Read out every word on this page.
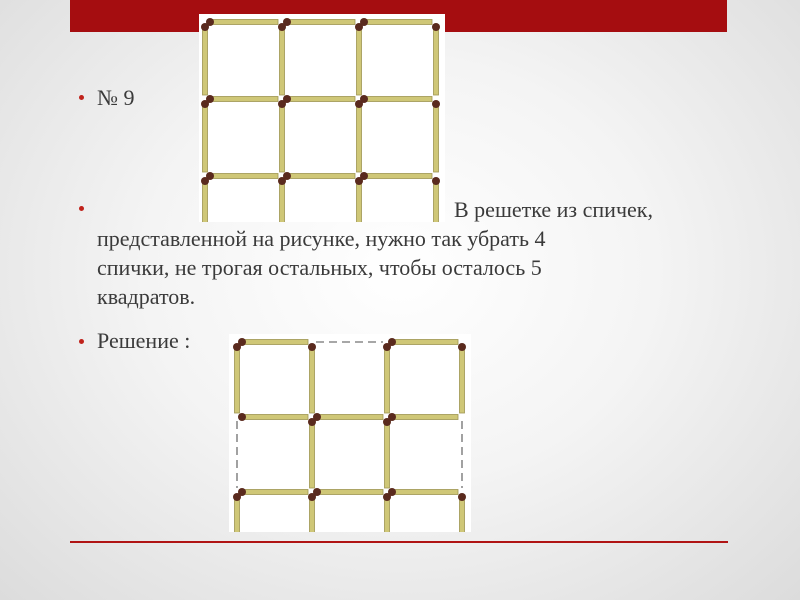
№ 9
В решетке из спичек,
представленной на рисунке, нужно так убрать 4
спички, не трогая остальных, чтобы осталось 5
квадратов.
Решение :
